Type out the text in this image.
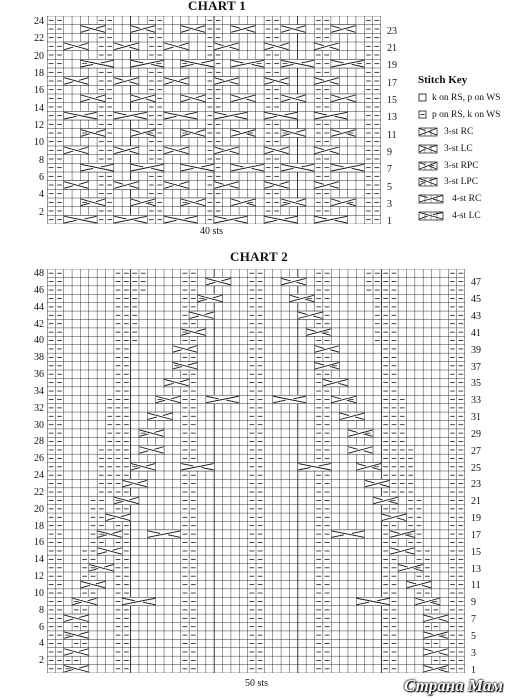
CHART 1
24
22
20
18
16
14
12
10
8
6
4
2
23
21
19
17
15
13
11
9
7
5
3
1
40 sts
Stitch Key
k on RS, p on WS
p on RS, k on WS
3-st RC
3-st LC
3-st RPC
3-st LPC
4-st RC
4-st LC
CHART 2
48
46
44
42
40
38
36
34
32
30
28
26
24
22
20
18
16
14
12
10
8
6
4
2
47
45
43
41
39
37
35
33
31
29
27
25
23
21
19
17
15
13
11
9
7
5
3
1
50 sts	Страна Мам
